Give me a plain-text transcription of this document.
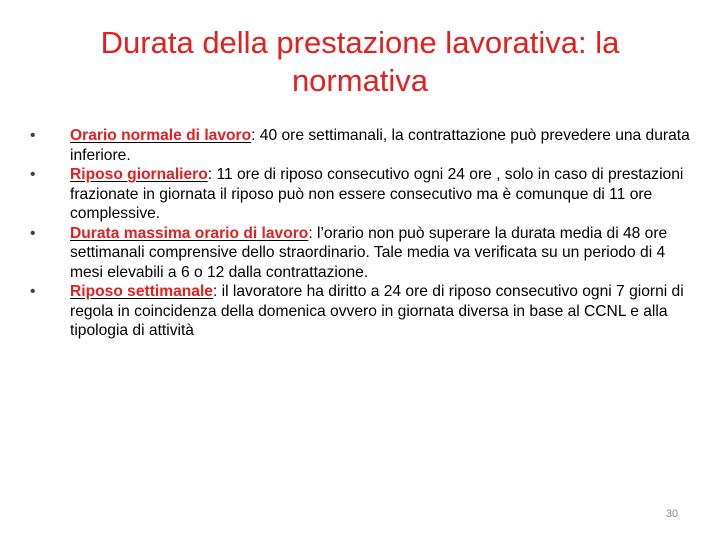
Durata della prestazione lavorativa: la normativa
•	Orario normale di lavoro: 40 ore settimanali, la contrattazione può prevedere una durata inferiore.
•	Riposo giornaliero: 11 ore di riposo consecutivo ogni 24 ore , solo in caso di prestazioni frazionate in giornata il riposo può non essere consecutivo ma è comunque di 11 ore complessive.
•	Durata massima orario di lavoro: l’orario non può superare la durata media di 48 ore settimanali comprensive dello straordinario. Tale media va verificata su un periodo di 4 mesi elevabili a 6 o 12 dalla contrattazione.
•	Riposo settimanale: il lavoratore ha diritto a 24 ore di riposo consecutivo ogni 7 giorni di regola in coincidenza della domenica ovvero in giornata diversa in base al CCNL e alla tipologia di attività
30
